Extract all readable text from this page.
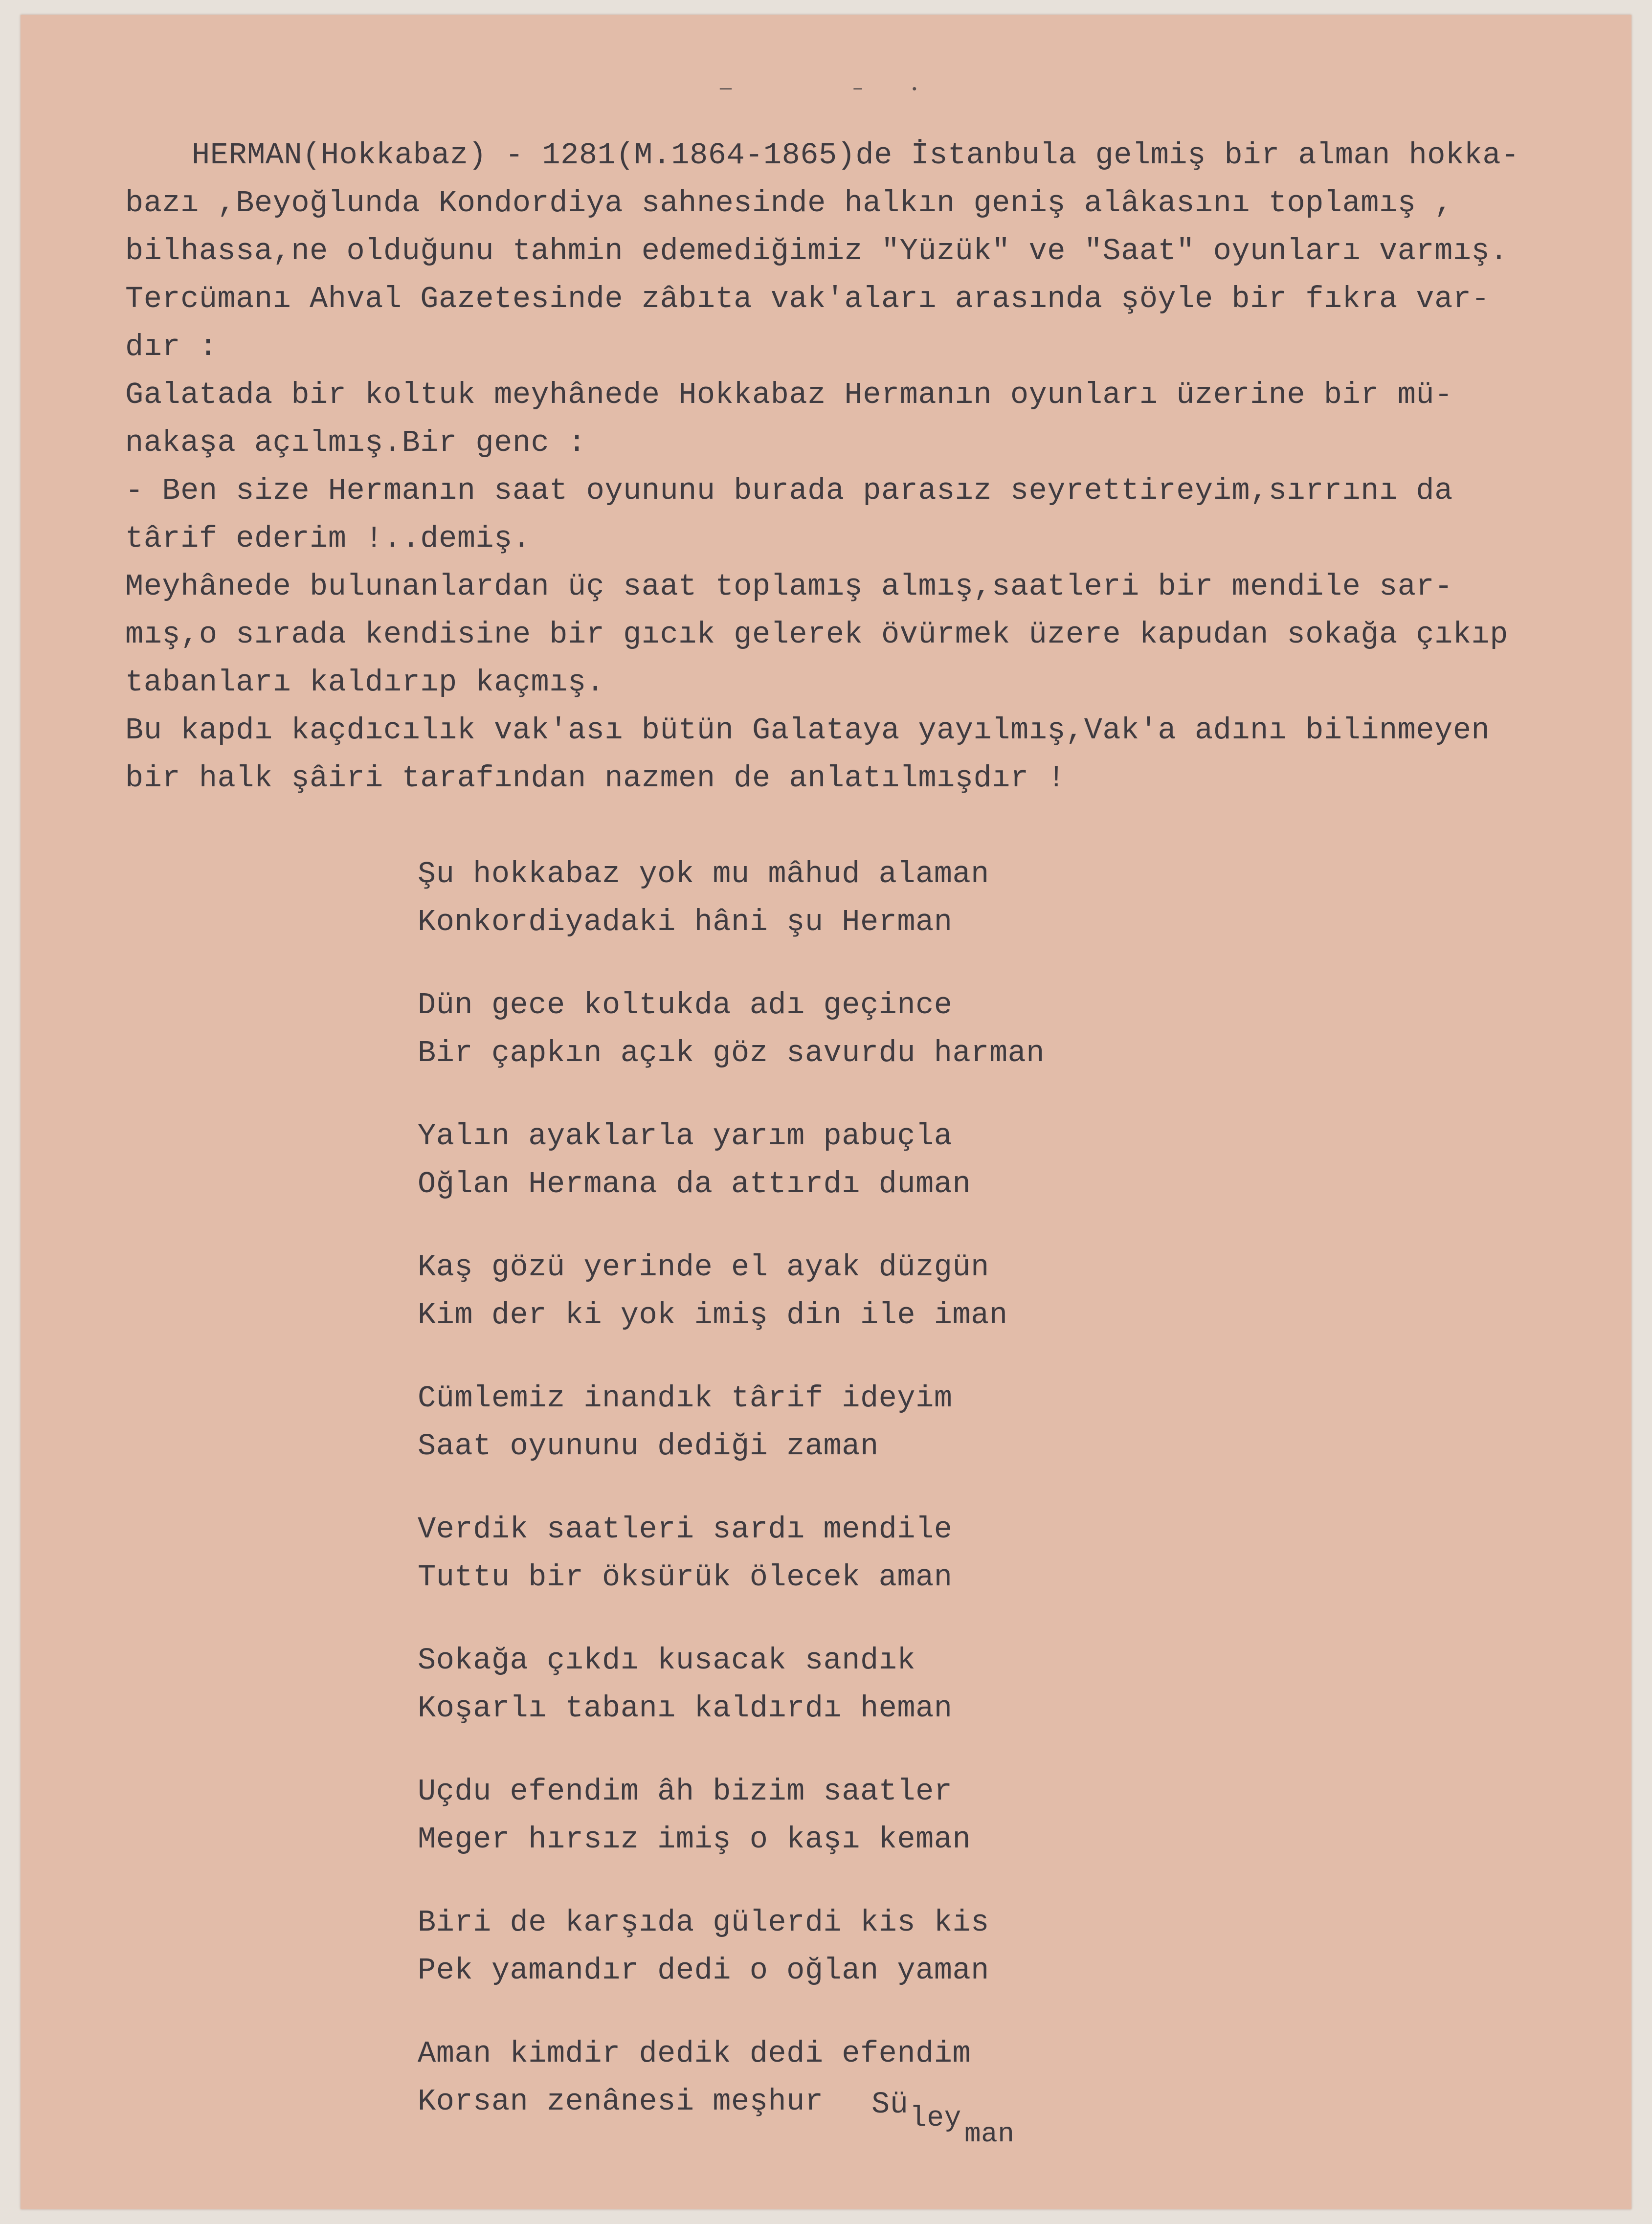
—	–	•
HERMAN(Hokkabaz) - 1281(M.1864-1865)de İstanbula gelmiş bir alman hokka-
bazı ,Beyoğlunda Kondordiya sahnesinde halkın geniş alâkasını toplamış ,
bilhassa,ne olduğunu tahmin edemediğimiz "Yüzük" ve "Saat" oyunları varmış.
Tercümanı Ahval Gazetesinde zâbıta vak'aları arasında şöyle bir fıkra var-
dır :
Galatada bir koltuk meyhânede Hokkabaz Hermanın oyunları üzerine bir mü-
nakaşa açılmış.Bir genc :
- Ben size Hermanın saat oyununu burada parasız seyrettireyim,sırrını da
târif ederim !..demiş.
Meyhânede bulunanlardan üç saat toplamış almış,saatleri bir mendile sar-
mış,o sırada kendisine bir gıcık gelerek övürmek üzere kapudan sokağa çıkıp
tabanları kaldırıp kaçmış.
Bu kapdı kaçdıcılık vak'ası bütün Galataya yayılmış,Vak'a adını bilinmeyen
bir halk şâiri tarafından nazmen de anlatılmışdır !
Şu hokkabaz yok mu mâhud alaman
Konkordiyadaki hâni şu Herman
Dün gece koltukda adı geçince
Bir çapkın açık göz savurdu harman
Yalın ayaklarla yarım pabuçla
Oğlan Hermana da attırdı duman
Kaş gözü yerinde el ayak düzgün
Kim der ki yok imiş din ile iman
Cümlemiz inandık târif ideyim
Saat oyununu dediği zaman
Verdik saatleri sardı mendile
Tuttu bir öksürük ölecek aman
Sokağa çıkdı kusacak sandık
Koşarlı tabanı kaldırdı heman
Uçdu efendim âh bizim saatler
Meger hırsız imiş o kaşı keman
Biri de karşıda gülerdi kis kis
Pek yamandır dedi o oğlan yaman
Aman kimdir dedik dedi efendim
Korsan zenânesi meşhur Sü ley man
